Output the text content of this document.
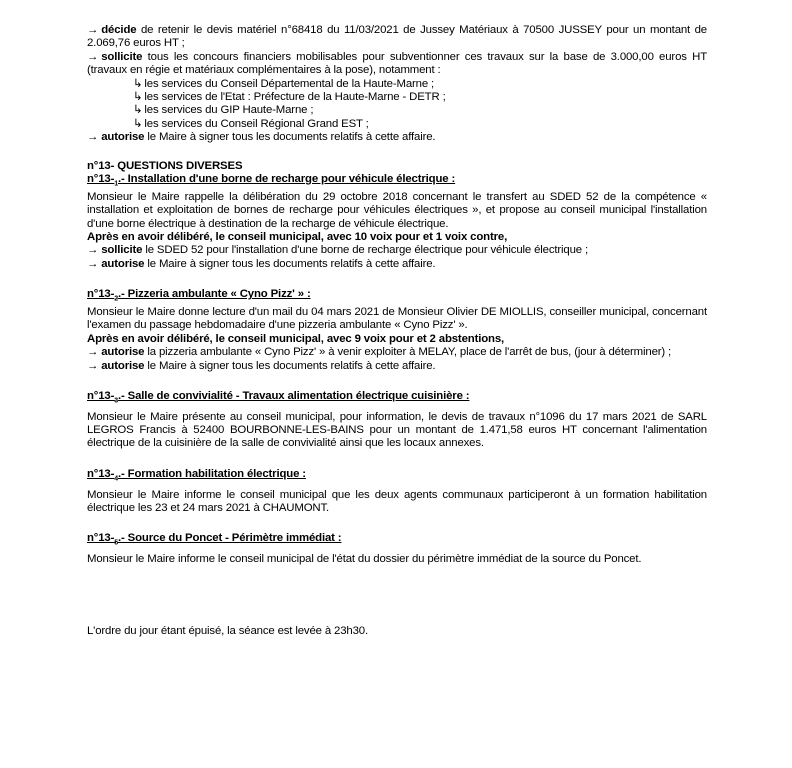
→ décide de retenir le devis matériel n°68418 du 11/03/2021 de Jussey Matériaux à 70500 JUSSEY pour un montant de 2.069,76 euros HT ;

→ sollicite tous les concours financiers mobilisables pour subventionner ces travaux sur la base de 3.000,00 euros HT (travaux en régie et matériaux complémentaires à la pose), notamment :

↳ les services du Conseil Départemental de la Haute-Marne ;

↳ les services de l'Etat : Préfecture de la Haute-Marne - DETR ;

↳ les services du GIP Haute-Marne ;

↳ les services du Conseil Régional Grand EST ;

→ autorise le Maire à signer tous les documents relatifs à cette affaire.

n°13- QUESTIONS DIVERSES

$n^\circ 13-_1.-$ Installation d'une borne de recharge pour véhicule électrique :

Monsieur le Maire rappelle la délibération du 29 octobre 2018 concernant le transfert au SDED 52 de la compétence « installation et exploitation de bornes de recharge pour véhicules électriques », et propose au conseil municipal l'installation d'une borne électrique à destination de la recharge de véhicule électrique.

Après en avoir délibéré, le conseil municipal, avec 10 voix pour et 1 voix contre,

→ sollicite le SDED 52 pour l'installation d'une borne de recharge électrique pour véhicule électrique ;

→ autorise le Maire à signer tous les documents relatifs à cette affaire.

$n^\circ 13-_2.-$ Pizzeria ambulante « Cyno Pizz' » :

Monsieur le Maire donne lecture d'un mail du 04 mars 2021 de Monsieur Olivier DE MIOLLIS, conseiller municipal, concernant l'examen du passage hebdomadaire d'une pizzeria ambulante « Cyno Pizz' ».

Après en avoir délibéré, le conseil municipal, avec 9 voix pour et 2 abstentions,

→ autorise la pizzeria ambulante « Cyno Pizz' » à venir exploiter à MELAY, place de l'arrêt de bus, (jour à déterminer) ;

→ autorise le Maire à signer tous les documents relatifs à cette affaire.

$n^\circ 13-_3.-$ Salle de convivialité - Travaux alimentation électrique cuisinière :

Monsieur le Maire présente au conseil municipal, pour information, le devis de travaux n°1096 du 17 mars 2021 de SARL LEGROS Francis à 52400 BOURBONNE-LES-BAINS pour un montant de 1.471,58 euros HT concernant l'alimentation électrique de la cuisinière de la salle de convivialité ainsi que les locaux annexes.

$n^\circ 13-_4.-$ Formation habilitation électrique :

Monsieur le Maire informe le conseil municipal que les deux agents communaux participeront à un formation habilitation électrique les 23 et 24 mars 2021 à CHAUMONT.

$n^\circ 13-_5.-$ Source du Poncet - Périmètre immédiat :

Monsieur le Maire informe le conseil municipal de l'état du dossier du périmètre immédiat de la source du Poncet.

L'ordre du jour étant épuisé, la séance est levée à 23h30.
